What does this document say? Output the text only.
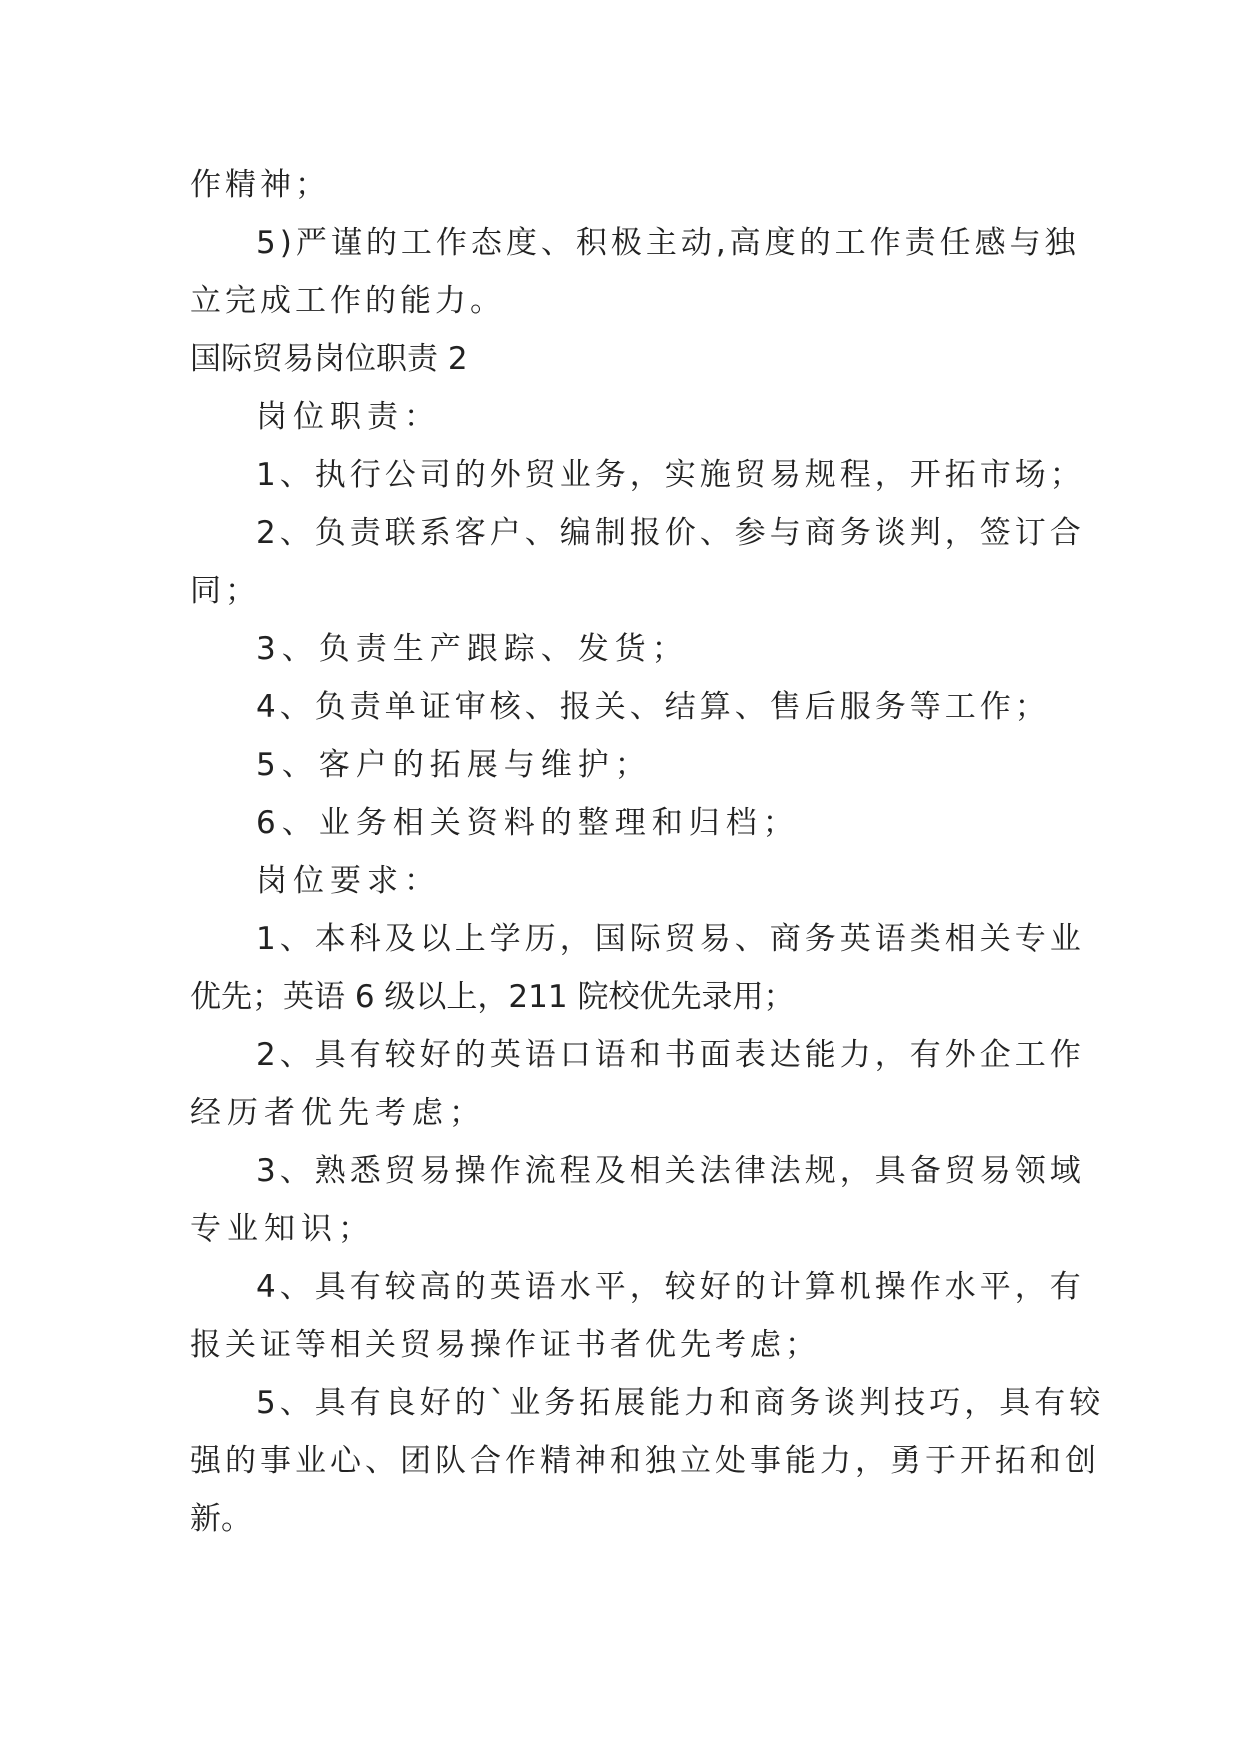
作精神；
5)严谨的工作态度、积极主动,高度的工作责任感与独
立完成工作的能力。
国际贸易岗位职责 2
岗位职责：
1、执行公司的外贸业务，实施贸易规程，开拓市场；
2、负责联系客户、编制报价、参与商务谈判，签订合
同；
3、负责生产跟踪、发货；
4、负责单证审核、报关、结算、售后服务等工作；
5、客户的拓展与维护；
6、业务相关资料的整理和归档；
岗位要求：
1、本科及以上学历，国际贸易、商务英语类相关专业
优先；英语 6 级以上，211 院校优先录用；
2、具有较好的英语口语和书面表达能力，有外企工作
经历者优先考虑；
3、熟悉贸易操作流程及相关法律法规，具备贸易领域
专业知识；
4、具有较高的英语水平，较好的计算机操作水平，有
报关证等相关贸易操作证书者优先考虑；
5、具有良好的`业务拓展能力和商务谈判技巧，具有较
强的事业心、团队合作精神和独立处事能力，勇于开拓和创
新。
